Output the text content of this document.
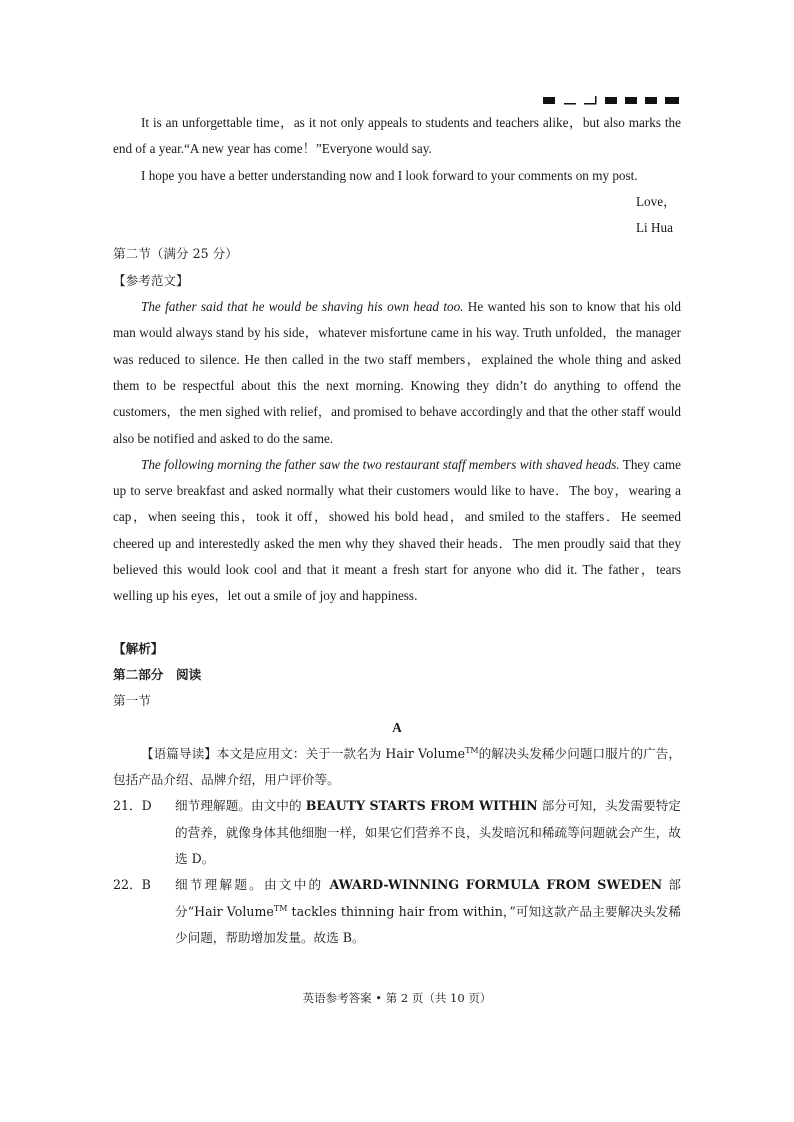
It is an unforgettable time，as it not only appeals to students and teachers alike，but also marks the end of a year.“A new year has come！”Everyone would say.

I hope you have a better understanding now and I look forward to your comments on my post.

Love，

Li Hua

第二节（满分 25 分）

【参考范文】

The father said that he would be shaving his own head too. He wanted his son to know that his old man would always stand by his side，whatever misfortune came in his way. Truth unfolded，the manager was reduced to silence. He then called in the two staff members，explained the whole thing and asked them to be respectful about this the next morning. Knowing they didn’t do anything to offend the customers，the men sighed with relief，and promised to behave accordingly and that the other staff would also be notified and asked to do the same.

The following morning the father saw the two restaurant staff members with shaved heads. They came up to serve breakfast and asked normally what their customers would like to have．The boy，wearing a cap，when seeing this，took it off，showed his bold head，and smiled to the staffers．He seemed cheered up and interestedly asked the men why they shaved their heads．The men proudly said that they believed this would look cool and that it meant a fresh start for anyone who did it. The father，tears welling up his eyes，let out a smile of joy and happiness.

【解析】

第二部分　阅读

第一节

A

【语篇导读】本文是应用文：关于一款名为 Hair Volume™的解决头发稀少问题口服片的广告，包括产品介绍、品牌介绍，用户评价等。

21．D	细节理解题。由文中的 BEAUTY STARTS FROM WITHIN 部分可知，头发需要特定的营养，就像身体其他细胞一样，如果它们营养不良，头发暗沉和稀疏等问题就会产生，故选 D。
22．B	细节理解题。由文中的 AWARD-WINNING FORMULA FROM SWEDEN 部分“Hair Volume™ tackles thinning hair from within，”可知这款产品主要解决头发稀少问题，帮助增加发量。故选 B。
英语参考答案 • 第 2 页（共 10 页）
